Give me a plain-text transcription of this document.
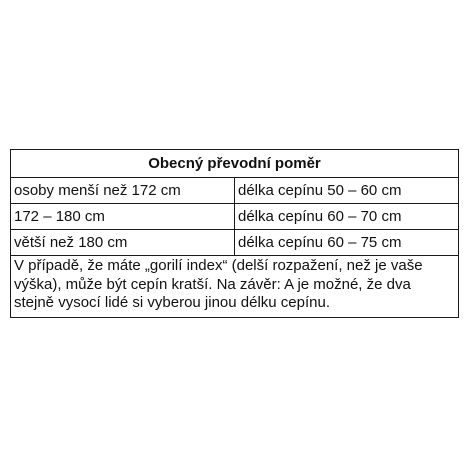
Obecný převodní poměr	
osoby menší než 172 cm	délka cepínu 50 – 60 cm
172 – 180 cm	délka cepínu 60 – 70 cm
větší než 180 cm	délka cepínu 60 – 75 cm
V případě, že máte „gorilí index“ (delší rozpažení, než je vaše výška), může být cepín kratší. Na závěr: A je možné, že dva stejně vysocí lidé si vyberou jinou délku cepínu.	
